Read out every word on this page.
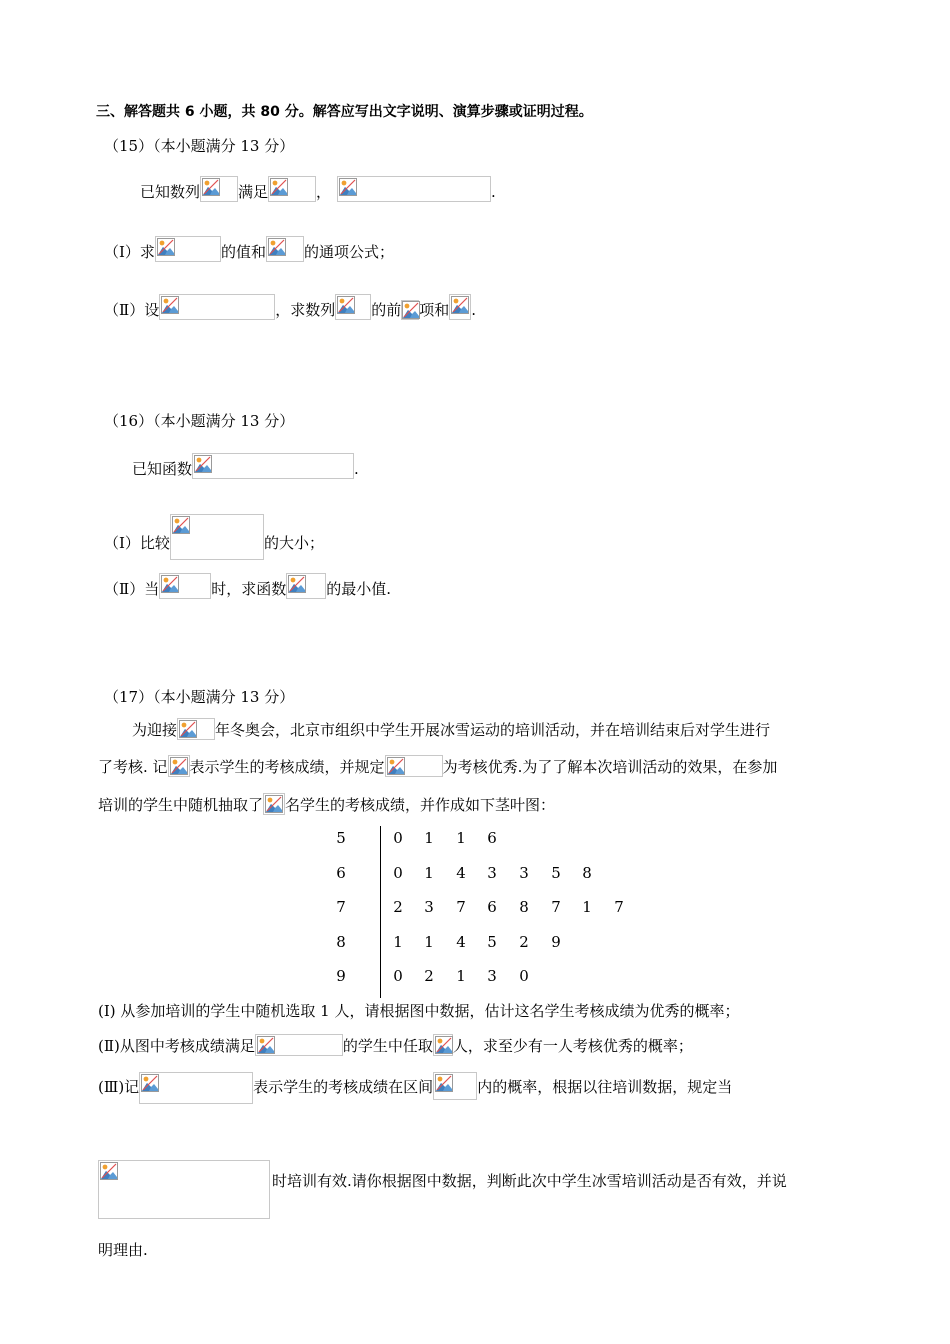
三、解答题共 6 小题，共 80 分。解答应写出文字说明、演算步骤或证明过程。
（15）（本小题满分 13 分）
已知数列	满足	，	.
（Ⅰ）求	的值和	的通项公式；
（Ⅱ）设	，求数列 的前 项和 .
（16）（本小题满分 13 分）
已知函数	.
（Ⅰ）比较	的大小；
（Ⅱ）当	时，求函数	的最小值.
（17）（本小题满分 13 分）
为迎接	年冬奥会，北京市组织中学生开展冰雪运动的培训活动，并在培训结束后对学生进行
了考核. 记 表示学生的考核成绩，并规定	为考核优秀.为了了解本次培训活动的效果，在参加
培训的学生中随机抽取了 名学生的考核成绩，并作成如下茎叶图：
5	0	1	1	6
6	0	1	4	3	3	5	8
7	2	3	7	6	8	7	1	7
8	1	1	4	5	2	9
9	0	2	1	3	0
(Ⅰ) 从参加培训的学生中随机选取 1 人，请根据图中数据，估计这名学生考核成绩为优秀的概率；
(Ⅱ)从图中考核成绩满足	的学生中任取 人，求至少有一人考核优秀的概率；
(Ⅲ)记	表示学生的考核成绩在区间	内的概率，根据以往培训数据，规定当
时培训有效.请你根据图中数据，判断此次中学生冰雪培训活动是否有效，并说
明理由.
